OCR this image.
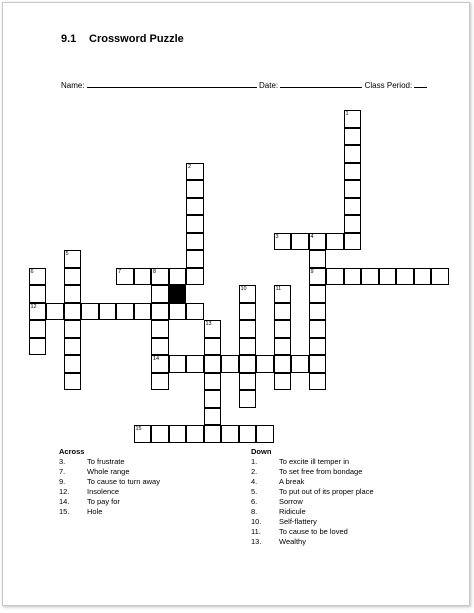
9.1 Crossword Puzzle
Name:	Date:	Class Period:
1
2
3	4
9
5
6
12
7	8
14
10	11
13
15
Across
3.	To frustrate
7.	Whole range
9.	To cause to turn away
12.	Insolence
14.	To pay for
15.	Hole
Down
1.	To excite ill temper in
2.	To set free from bondage
4.	A break
5.	To put out of its proper place
6.	Sorrow
8.	Ridicule
10.	Self-flattery
11.	To cause to be loved
13.	Wealthy
